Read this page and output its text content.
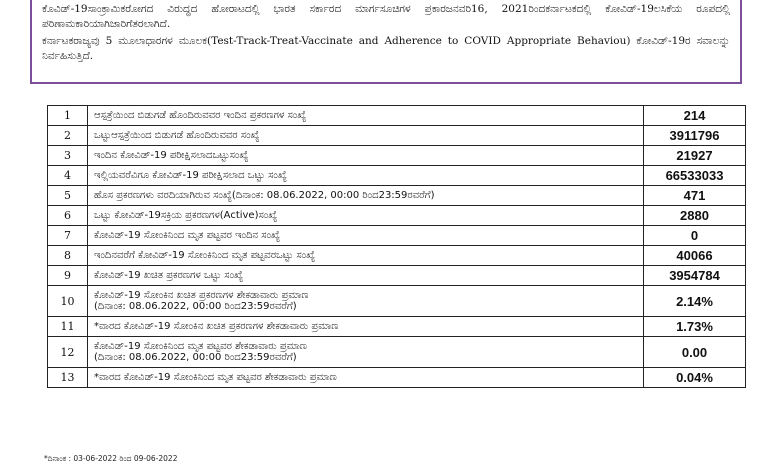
ಕೊವಿಡ್-19ಸಾಂಕ್ರಾಮಿಕರೋಗದ ವಿರುದ್ಧದ ಹೋರಾಟದಲ್ಲಿ ಭಾರತ ಸರ್ಕಾರದ ಮಾರ್ಗಸೂಚಿಗಳ ಪ್ರಕಾರಜನವರಿ16, 2021ರಿಂದಕರ್ನಾಟಕದಲ್ಲಿ ಕೋವಿಡ್-19ಲಸಿಕೆಯ ರೂಪದಲ್ಲಿ ಪರಿಣಾಮಕಾರಿಯಾಗಿಜಾರಿಗೆತರಲಾಗಿದೆ.

ಕರ್ನಾಟಕರಾಜ್ಯವು 5 ಮೂಲಾಧಾರಗಳ ಮೂಲಕ(Test-Track-Treat-Vaccinate and Adherence to COVID Appropriate Behaviou) ಕೋವಿಡ್-19ರ ಸವಾಲನ್ನು ನಿರ್ವಹಿಸುತ್ತಿದೆ.

1	ಆಸ್ಪತ್ರೆಯಿಂದ ಬಿಡುಗಡೆ ಹೊಂದಿರುವವರ ಇಂದಿನ ಪ್ರಕರಣಗಳ ಸಂಖ್ಯೆ	214
2	ಒಟ್ಟುಆಸ್ಪತ್ರೆಯಿಂದ ಬಿಡುಗಡೆ ಹೊಂದಿರುವವರ ಸಂಖ್ಯೆ	3911796
3	ಇಂದಿನ ಕೋವಿಡ್-19 ಪರೀಕ್ಷಿಸಲಾದಒಟ್ಟುಸಂಖ್ಯೆ	21927
4	ಇಲ್ಲಿಯವರೆವಿಗೂ ಕೋವಿಡ್-19 ಪರೀಕ್ಷಿಸಲಾದ ಒಟ್ಟು ಸಂಖ್ಯೆ	66533033
5	ಹೊಸ ಪ್ರಕರಣಗಳು ವರದಿಯಾಗಿರುವ ಸಂಖ್ಯೆ(ದಿನಾಂಕ: 08.06.2022, 00:00 ರಿಂದ23:59ರವರೆಗೆ)	471
6	ಒಟ್ಟು ಕೋವಿಡ್-19ಸಕ್ರಿಯ ಪ್ರಕರಣಗಳ(Active)ಸಂಖ್ಯೆ	2880
7	ಕೋವಿಡ್-19 ಸೋಂಕಿನಿಂದ ಮೃತ ಪಟ್ಟವರ ಇಂದಿನ ಸಂಖ್ಯೆ	0
8	ಇಂದಿನವರೆಗೆ ಕೋವಿಡ್-19 ಸೋಂಕಿನಿಂದ ಮೃತ ಪಟ್ಟವರಒಟ್ಟು ಸಂಖ್ಯೆ	40066
9	ಕೋವಿಡ್-19 ಖಚಿತ ಪ್ರಕರಣಗಳ ಒಟ್ಟು ಸಂಖ್ಯೆ	3954784
10	ಕೋವಿಡ್-19 ಸೋಂಕಿನ ಖಚಿತ ಪ್ರಕರಣಗಳ ಶೇಕಡಾವಾರು ಪ್ರಮಾಣ
(ದಿನಾಂಕ: 08.06.2022, 00:00 ರಿಂದ23:59ರವರೆಗೆ)	2.14%
11	*ವಾರದ ಕೋವಿಡ್-19 ಸೋಂಕಿನ ಖಚಿತ ಪ್ರಕರಣಗಳ ಶೇಕಡಾವಾರು ಪ್ರಮಾಣ	1.73%
12	ಕೋವಿಡ್-19 ಸೋಂಕಿನಿಂದ ಮೃತ ಪಟ್ಟವರ ಶೇಕಡಾವಾರು ಪ್ರಮಾಣ
(ದಿನಾಂಕ: 08.06.2022, 00:00 ರಿಂದ23:59ರವರೆಗೆ)	0.00
13	*ವಾರದ ಕೋವಿಡ್-19 ಸೋಂಕಿನಿಂದ ಮೃತ ಪಟ್ಟವರ ಶೇಕಡಾವಾರು ಪ್ರಮಾಣ	0.04%
*ದಿನಾಂಕ : 03-06-2022 ರಿಂದ 09-06-2022
